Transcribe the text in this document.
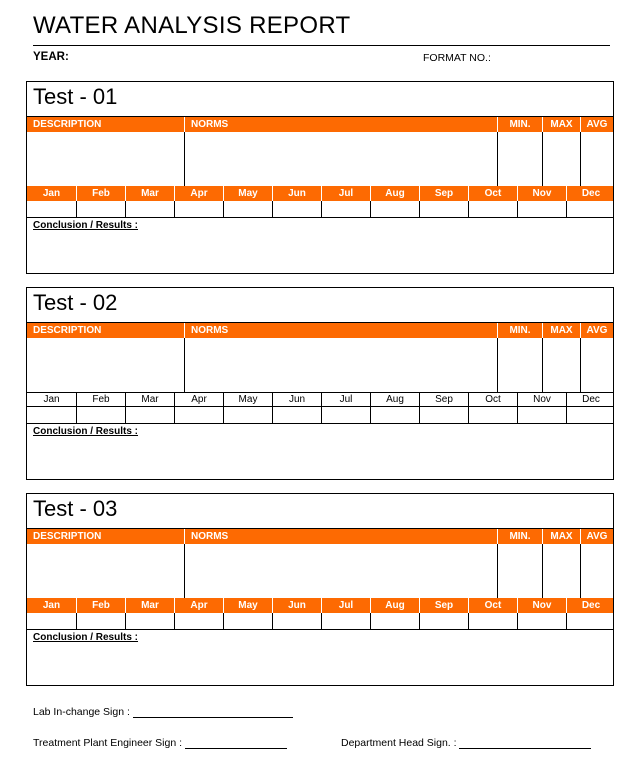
WATER ANALYSIS REPORT
YEAR:	FORMAT NO.:
Test - 01
DESCRIPTION	NORMS	MIN.	MAX	AVG
Jan	Feb	Mar	Apr	May	Jun	Jul	Aug	Sep	Oct	Nov	Dec
Conclusion / Results :
Test - 02
DESCRIPTION	NORMS	MIN.	MAX	AVG
Jan	Feb	Mar	Apr	May	Jun	Jul	Aug	Sep	Oct	Nov	Dec
Conclusion / Results :
Test - 03
DESCRIPTION	NORMS	MIN.	MAX	AVG
Jan	Feb	Mar	Apr	May	Jun	Jul	Aug	Sep	Oct	Nov	Dec
Conclusion / Results :
Lab In-change Sign :
Treatment Plant Engineer Sign :	Department Head Sign. :
